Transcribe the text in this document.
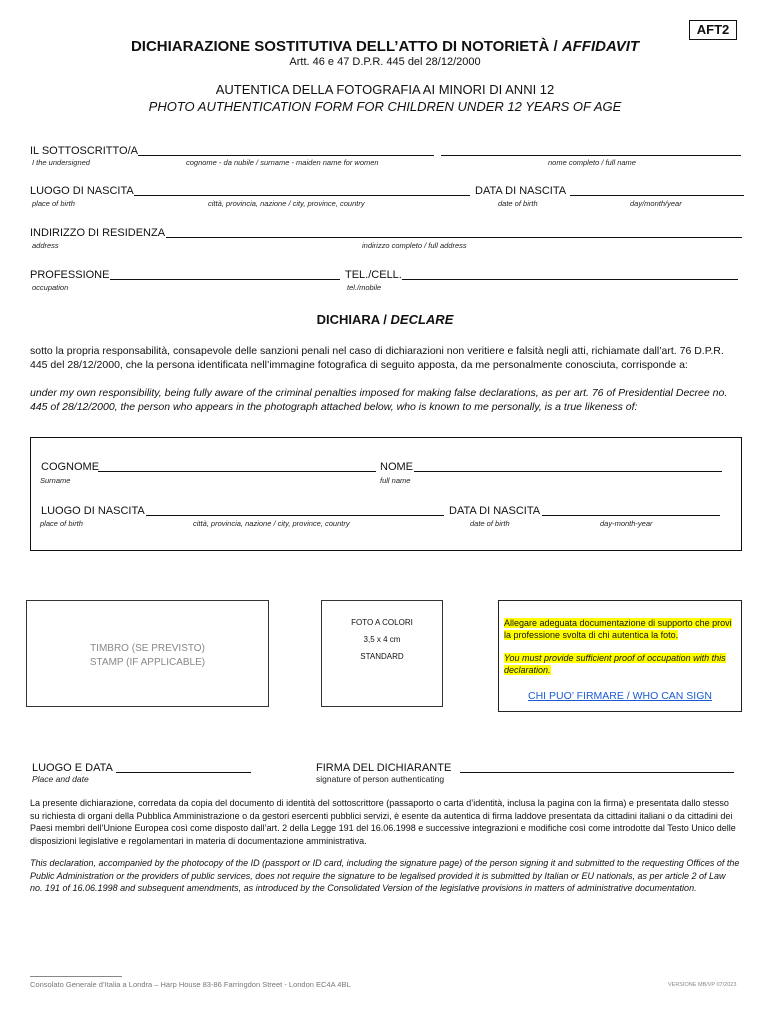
AFT2
DICHIARAZIONE SOSTITUTIVA DELL’ATTO DI NOTORIETÀ / AFFIDAVIT
Artt. 46 e 47 D.P.R. 445 del 28/12/2000
AUTENTICA DELLA FOTOGRAFIA AI MINORI DI ANNI 12
PHOTO AUTHENTICATION FORM FOR CHILDREN UNDER 12 YEARS OF AGE
IL SOTTOSCRITTO/A
I the undersigned	cognome - da nubile / surname - maiden name for women	nome completo / full name
LUOGO DI NASCITA	DATA DI NASCITA
place of birth	città, provincia, nazione / city, province, country	date of birth	day/month/year
INDIRIZZO DI RESIDENZA
address	indirizzo completo / full address
PROFESSIONE	TEL./CELL.
occupation	tel./mobile
DICHIARA / DECLARE
sotto la propria responsabilità, consapevole delle sanzioni penali nel caso di dichiarazioni non veritiere e falsità negli atti, richiamate dall’art. 76 D.P.R. 445 del 28/12/2000, che la persona identificata nell’immagine fotografica di seguito apposta, da me personalmente conosciuta, corrisponde a:
under my own responsibility, being fully aware of the criminal penalties imposed for making false declarations, as per art. 76 of Presidential Decree no. 445 of 28/12/2000, the person who appears in the photograph attached below, who is known to me personally, is a true likeness of:
COGNOME	NOME
Surname	full name
LUOGO DI NASCITA	DATA DI NASCITA
place of birth	città, provincia, nazione / city, province, country	date of birth	day-month-year
TIMBRO (SE PREVISTO)
STAMP (IF APPLICABLE)
FOTO A COLORI
3,5 x 4 cm
STANDARD

Allegare adeguata documentazione di supporto che provi la professione svolta di chi autentica la foto.

You must provide sufficient proof of occupation with this declaration.

CHI PUO’ FIRMARE / WHO CAN SIGN
LUOGO E DATA
Place and date
FIRMA DEL DICHIARANTE
signature of person authenticating
La presente dichiarazione, corredata da copia del documento di identità del sottoscrittore (passaporto o carta d’identità, inclusa la pagina con la firma) e presentata dallo stesso su richiesta di organi della Pubblica Amministrazione o da gestori esercenti pubblici servizi, è esente da autentica di firma laddove presentata da cittadini italiani o da cittadini dei Paesi membri dell’Unione Europea così come disposto dall’art. 2 della Legge 191 del 16.06.1998 e successive integrazioni e modifiche così come introdotte dal Testo Unico delle disposizioni legislative e regolamentari in materia di documentazione amministrativa.
This declaration, accompanied by the photocopy of the ID (passport or ID card, including the signature page) of the person signing it and submitted to the requesting Offices of the Public Administration or the providers of public services, does not require the signature to be legalised provided it is submitted by Italian or EU nationals, as per article 2 of Law no. 191 of 16.06.1998 and subsequent amendments, as introduced by the Consolidated Version of the legislative provisions in matters of administrative documentation.
Consolato Generale d’Italia a Londra – Harp House 83-86 Farringdon Street - London EC4A 4BL	VERSIONE MB/VP 07/2023
